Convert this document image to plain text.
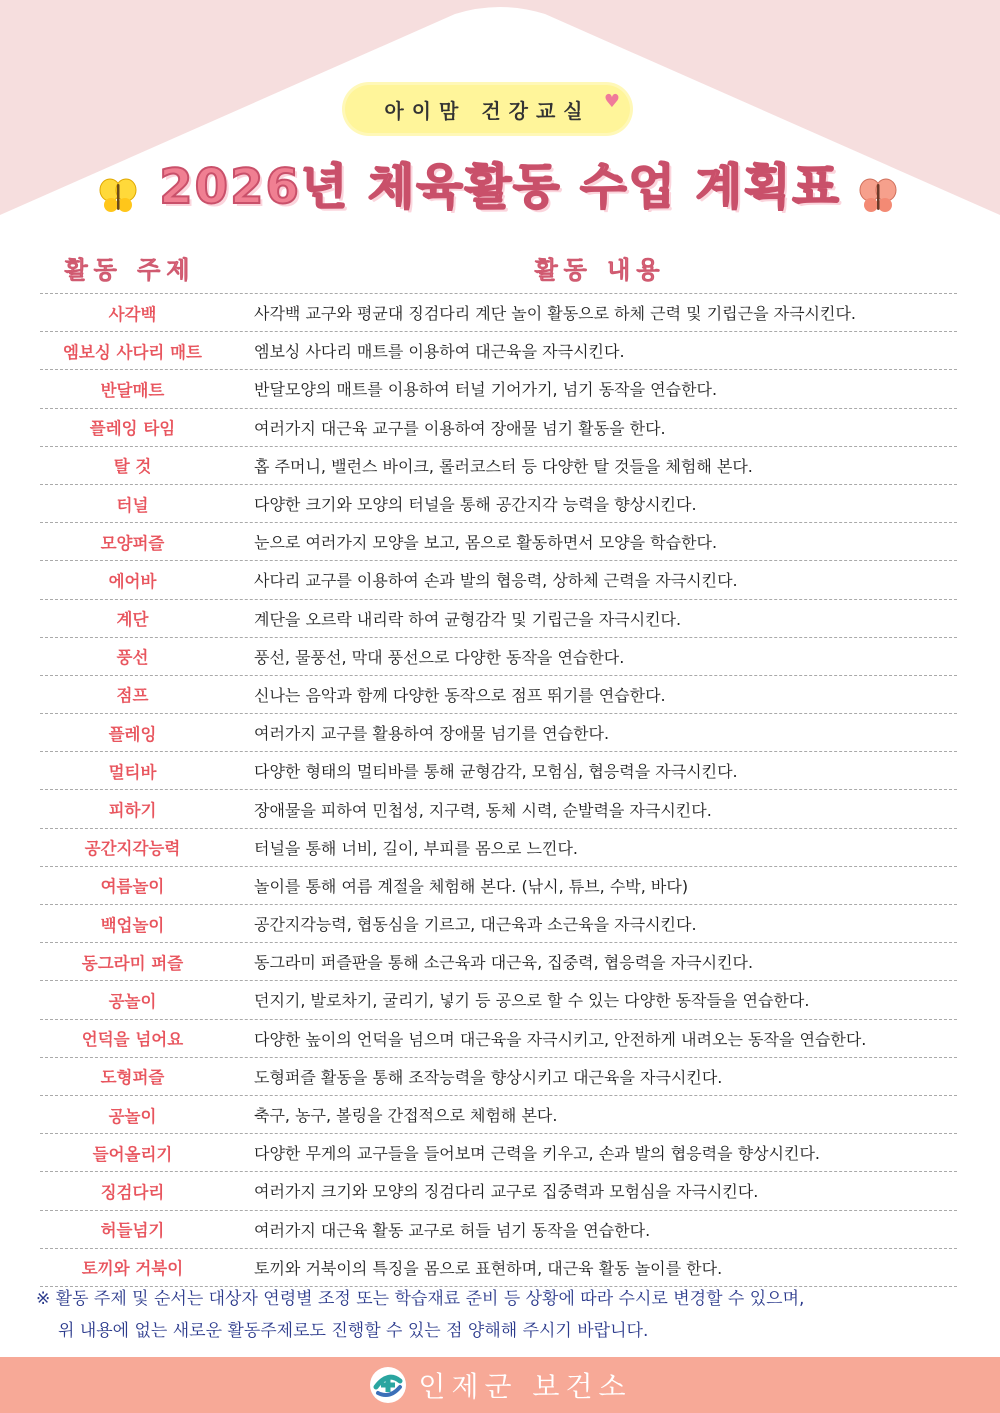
아이맘 건강교실 ♥
2026년 체육활동 수업 계획표
활동 주제	활동 내용
사각백	사각백 교구와 평균대 징검다리 계단 놀이 활동으로 하체 근력 및 기립근을 자극시킨다.
엠보싱 사다리 매트	엠보싱 사다리 매트를 이용하여 대근육을 자극시킨다.
반달매트	반달모양의 매트를 이용하여 터널 기어가기, 넘기 동작을 연습한다.
플레잉 타임	여러가지 대근육 교구를 이용하여 장애물 넘기 활동을 한다.
탈 것	홉 주머니, 밸런스 바이크, 롤러코스터 등 다양한 탈 것들을 체험해 본다.
터널	다양한 크기와 모양의 터널을 통해 공간지각 능력을 향상시킨다.
모양퍼즐	눈으로 여러가지 모양을 보고, 몸으로 활동하면서 모양을 학습한다.
에어바	사다리 교구를 이용하여 손과 발의 협응력, 상하체 근력을 자극시킨다.
계단	계단을 오르락 내리락 하여 균형감각 및 기립근을 자극시킨다.
풍선	풍선, 물풍선, 막대 풍선으로 다양한 동작을 연습한다.
점프	신나는 음악과 함께 다양한 동작으로 점프 뛰기를 연습한다.
플레잉	여러가지 교구를 활용하여 장애물 넘기를 연습한다.
멀티바	다양한 형태의 멀티바를 통해 균형감각, 모험심, 협응력을 자극시킨다.
피하기	장애물을 피하여 민첩성, 지구력, 동체 시력, 순발력을 자극시킨다.
공간지각능력	터널을 통해 너비, 길이, 부피를 몸으로 느낀다.
여름놀이	놀이를 통해 여름 계절을 체험해 본다. (낚시, 튜브, 수박, 바다)
백업놀이	공간지각능력, 협동심을 기르고, 대근육과 소근육을 자극시킨다.
동그라미 퍼즐	동그라미 퍼즐판을 통해 소근육과 대근육, 집중력, 협응력을 자극시킨다.
공놀이	던지기, 발로차기, 굴리기, 넣기 등 공으로 할 수 있는 다양한 동작들을 연습한다.
언덕을 넘어요	다양한 높이의 언덕을 넘으며 대근육을 자극시키고, 안전하게 내려오는 동작을 연습한다.
도형퍼즐	도형퍼즐 활동을 통해 조작능력을 향상시키고 대근육을 자극시킨다.
공놀이	축구, 농구, 볼링을 간접적으로 체험해 본다.
들어올리기	다양한 무게의 교구들을 들어보며 근력을 키우고, 손과 발의 협응력을 향상시킨다.
징검다리	여러가지 크기와 모양의 징검다리 교구로 집중력과 모험심을 자극시킨다.
허들넘기	여러가지 대근육 활동 교구로 허들 넘기 동작을 연습한다.
토끼와 거북이	토끼와 거북이의 특징을 몸으로 표현하며, 대근육 활동 놀이를 한다.
※ 활동 주제 및 순서는 대상자 연령별 조정 또는 학습재료 준비 등 상황에 따라 수시로 변경할 수 있으며,
위 내용에 없는 새로운 활동주제로도 진행할 수 있는 점 양해해 주시기 바랍니다.
인제군 보건소
